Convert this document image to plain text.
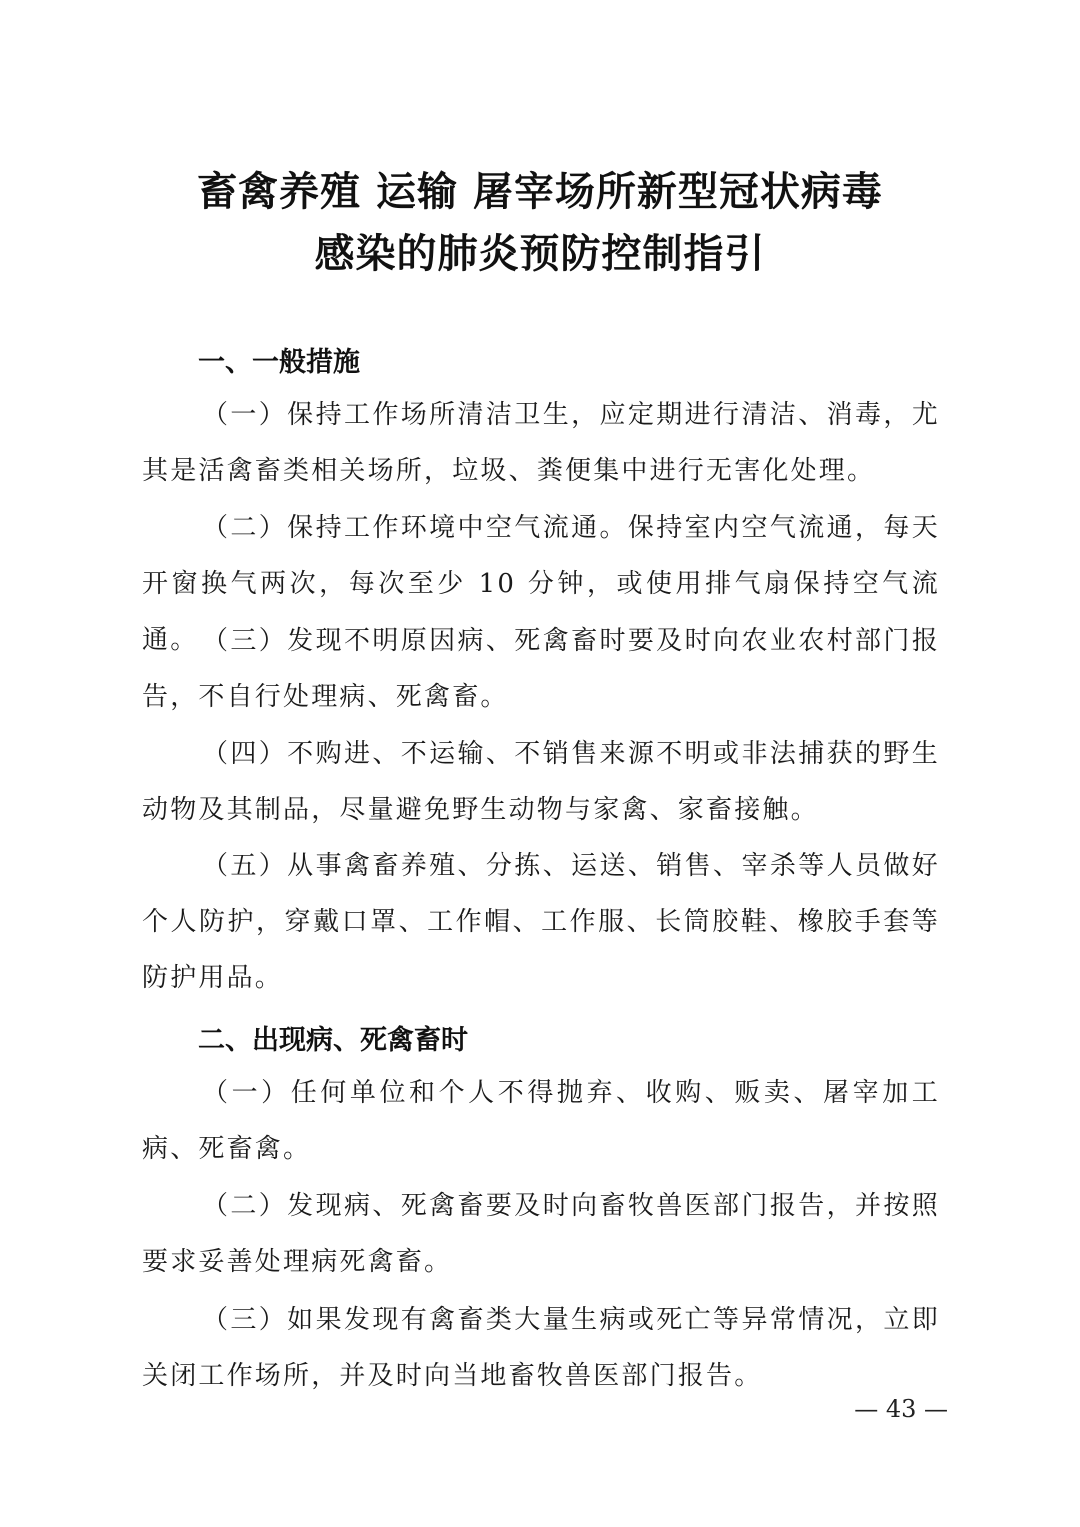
畜禽养殖 运输 屠宰场所新型冠状病毒
感染的肺炎预防控制指引
一、一般措施
（一）保持工作场所清洁卫生，应定期进行清洁、消毒，尤其是活禽畜类相关场所，垃圾、粪便集中进行无害化处理。
（二）保持工作环境中空气流通。保持室内空气流通，每天开窗换气两次，每次至少 10 分钟，或使用排气扇保持空气流通。 （三）发现不明原因病、死禽畜时要及时向农业农村部门报告，不自行处理病、死禽畜。
（四）不购进、不运输、不销售来源不明或非法捕获的野生动物及其制品，尽量避免野生动物与家禽、家畜接触。
（五）从事禽畜养殖、分拣、运送、销售、宰杀等人员做好个人防护，穿戴口罩、工作帽、工作服、长筒胶鞋、橡胶手套等防护用品。
二、出现病、死禽畜时
（一）任何单位和个人不得抛弃、收购、贩卖、屠宰加工病、死畜禽。
（二）发现病、死禽畜要及时向畜牧兽医部门报告，并按照要求妥善处理病死禽畜。
（三）如果发现有禽畜类大量生病或死亡等异常情况，立即关闭工作场所，并及时向当地畜牧兽医部门报告。
— 43 —
